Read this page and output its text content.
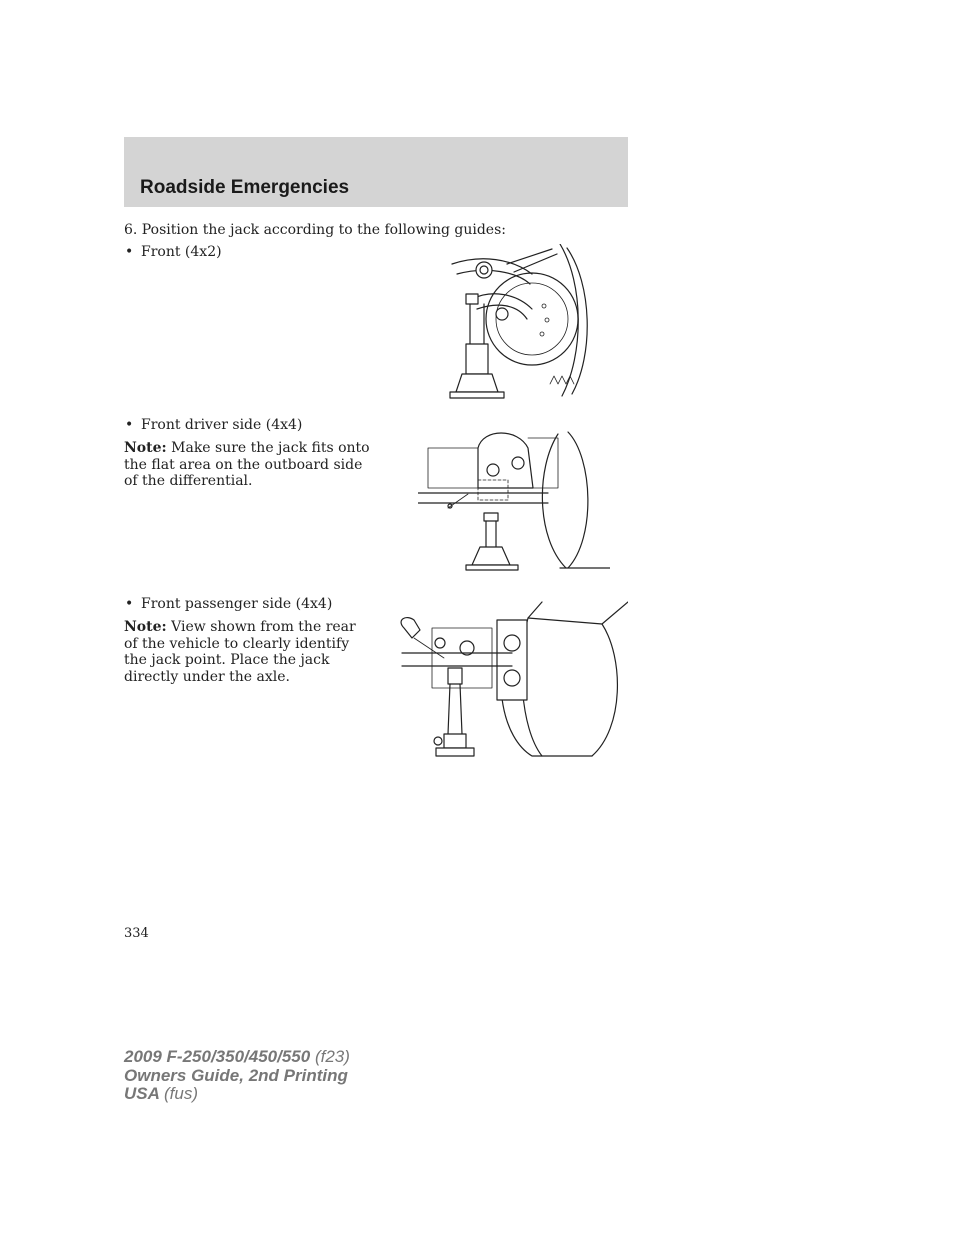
Roadside Emergencies
6. Position the jack according to the following guides:
• Front (4x2)
• Front driver side (4x4)
Note: Make sure the jack fits onto the flat area on the outboard side of the differential.
• Front passenger side (4x4)
Note: View shown from the rear of the vehicle to clearly identify the jack point. Place the jack directly under the axle.
334
2009 F-250/350/450/550 (f23)
Owners Guide, 2nd Printing
USA (fus)
